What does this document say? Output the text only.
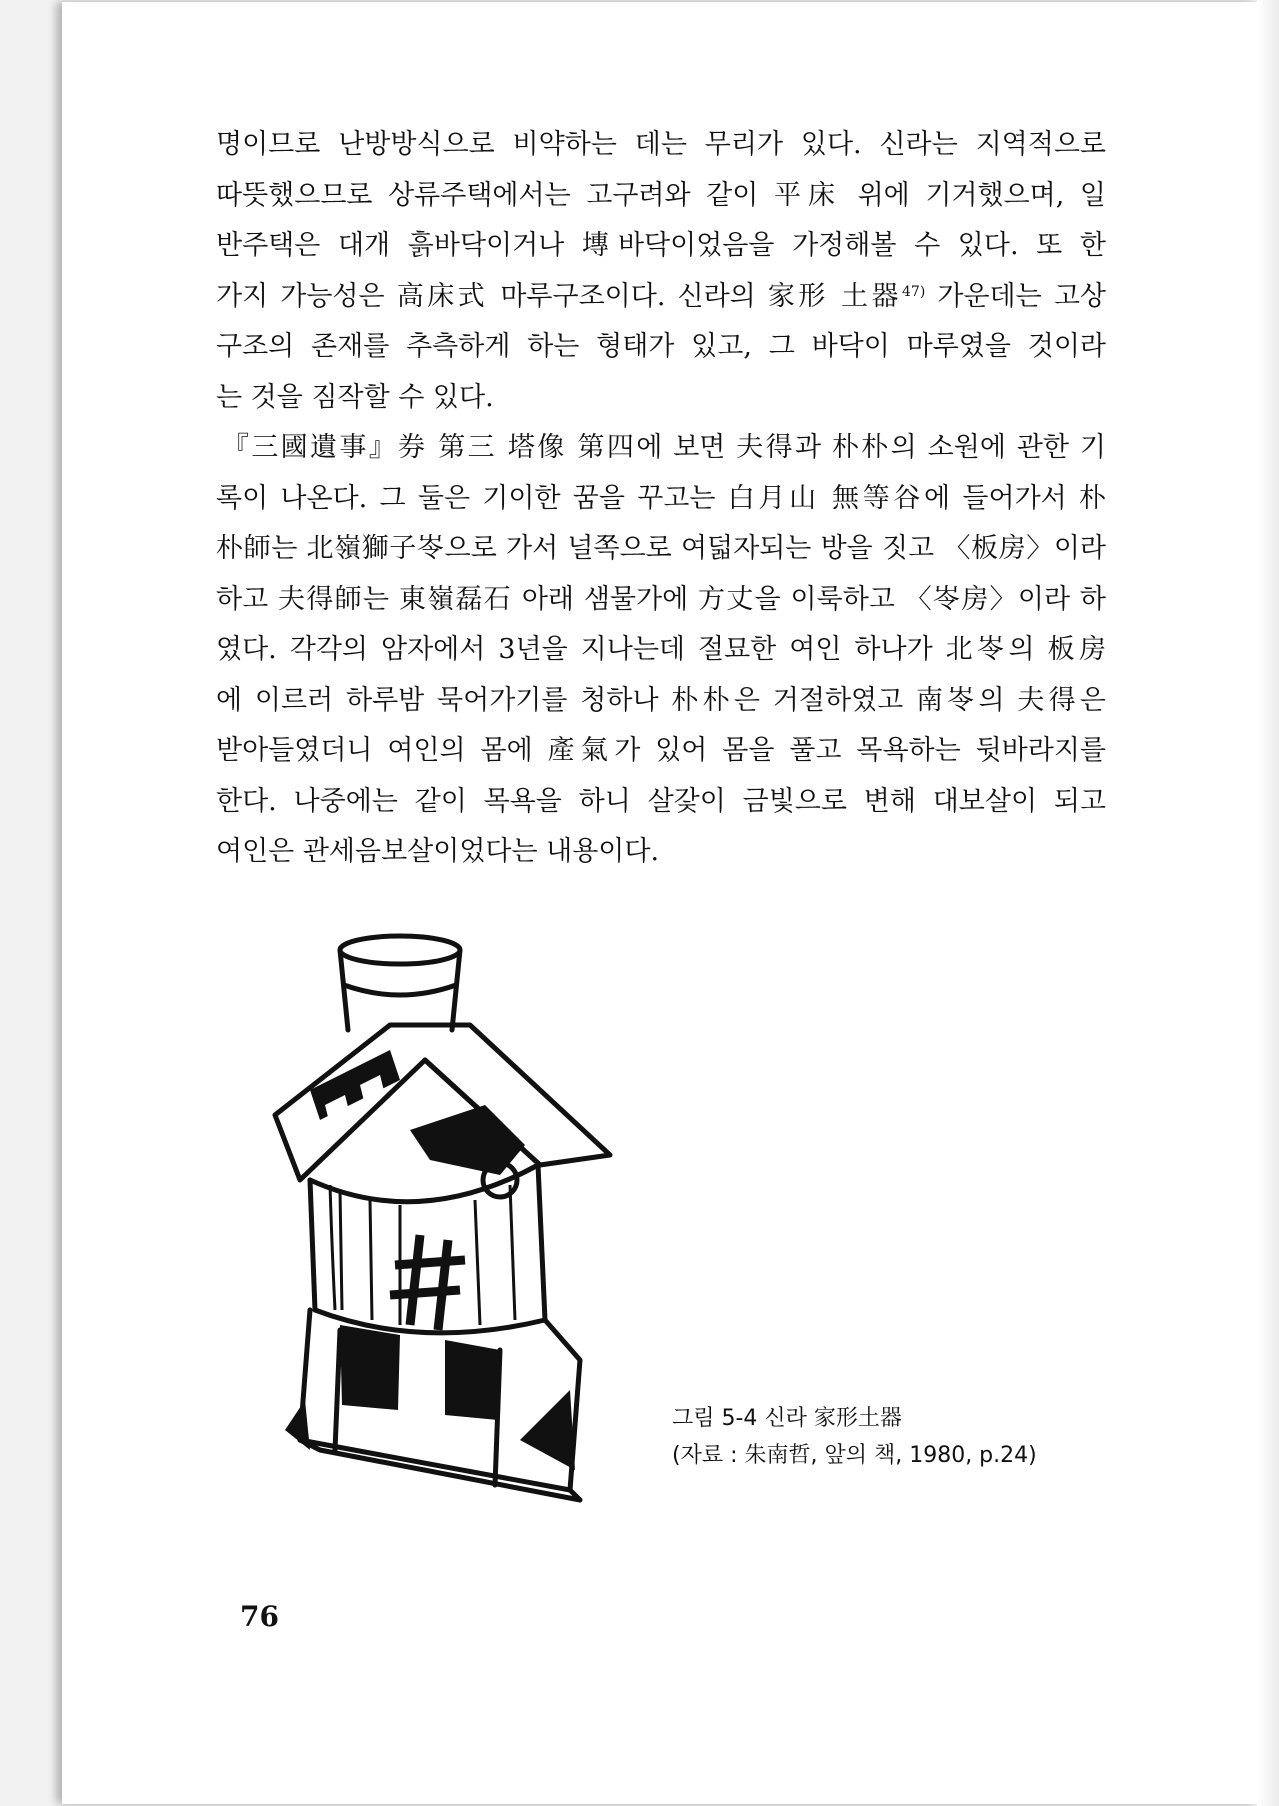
명이므로 난방방식으로 비약하는 데는 무리가 있다. 신라는 지역적으로
따뜻했으므로 상류주택에서는 고구려와 같이 平床 위에 기거했으며, 일
반주택은 대개 흙바닥이거나 塼바닥이었음을 가정해볼 수 있다. 또 한
가지 가능성은 高床式 마루구조이다. 신라의 家形 土器$^{47)}$ 가운데는 고상
구조의 존재를 추측하게 하는 형태가 있고, 그 바닥이 마루였을 것이라
는 것을 짐작할 수 있다.
『三國遺事』券 第三 塔像 第四에 보면 夫得과 朴朴의 소원에 관한 기
록이 나온다. 그 둘은 기이한 꿈을 꾸고는 白月山 無等谷에 들어가서 朴
朴師는 北嶺獅子岺으로 가서 널쪽으로 여덟자되는 방을 짓고 〈板房〉이라
하고 夫得師는 東嶺磊石 아래 샘물가에 方丈을 이룩하고 〈岺房〉이라 하
였다. 각각의 암자에서 3년을 지나는데 절묘한 여인 하나가 北岺의 板房
에 이르러 하루밤 묵어가기를 청하나 朴朴은 거절하였고 南岺의 夫得은
받아들였더니 여인의 몸에 產氣가 있어 몸을 풀고 목욕하는 뒷바라지를
한다. 나중에는 같이 목욕을 하니 살갗이 금빛으로 변해 대보살이 되고
여인은 관세음보살이었다는 내용이다.
그림 5-4 신라 家形土器
(자료 : 朱南哲, 앞의 책, 1980, p.24)
76
